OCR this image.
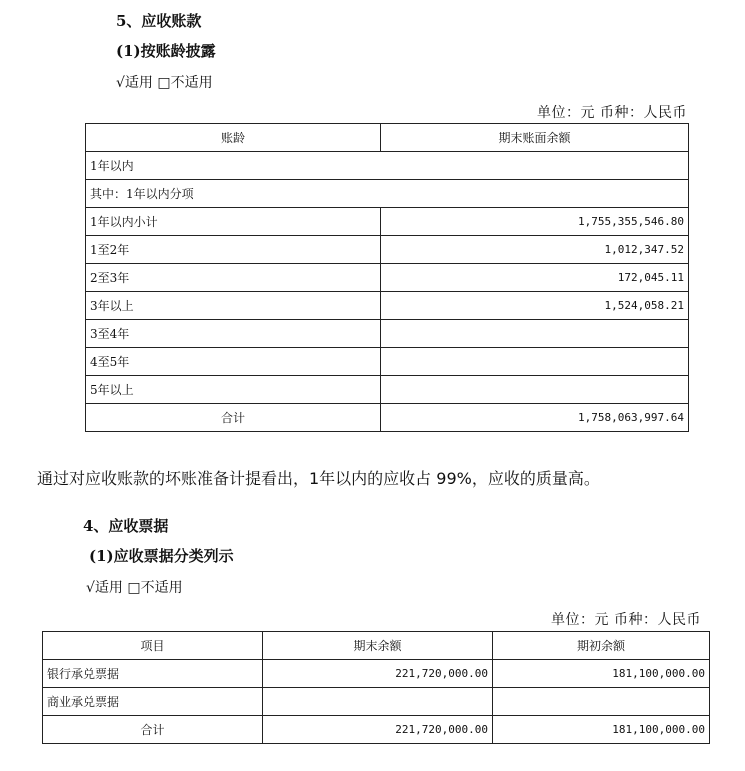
5、应收账款
(1)按账龄披露
√适用 □不适用
单位：元 币种：人民币
账龄	期末账面余额
1年以内	
其中：1年以内分项	
1年以内小计	1,755,355,546.80
1至2年	1,012,347.52
2至3年	172,045.11
3年以上	1,524,058.21
3至4年	
4至5年	
5年以上	
合计	1,758,063,997.64
通过对应收账款的坏账准备计提看出，1年以内的应收占 99%，应收的质量高。
4、应收票据
(1)应收票据分类列示
√适用 □不适用
单位：元 币种：人民币
项目	期末余额	期初余额
银行承兑票据	221,720,000.00	181,100,000.00
商业承兑票据		
合计	221,720,000.00	181,100,000.00
